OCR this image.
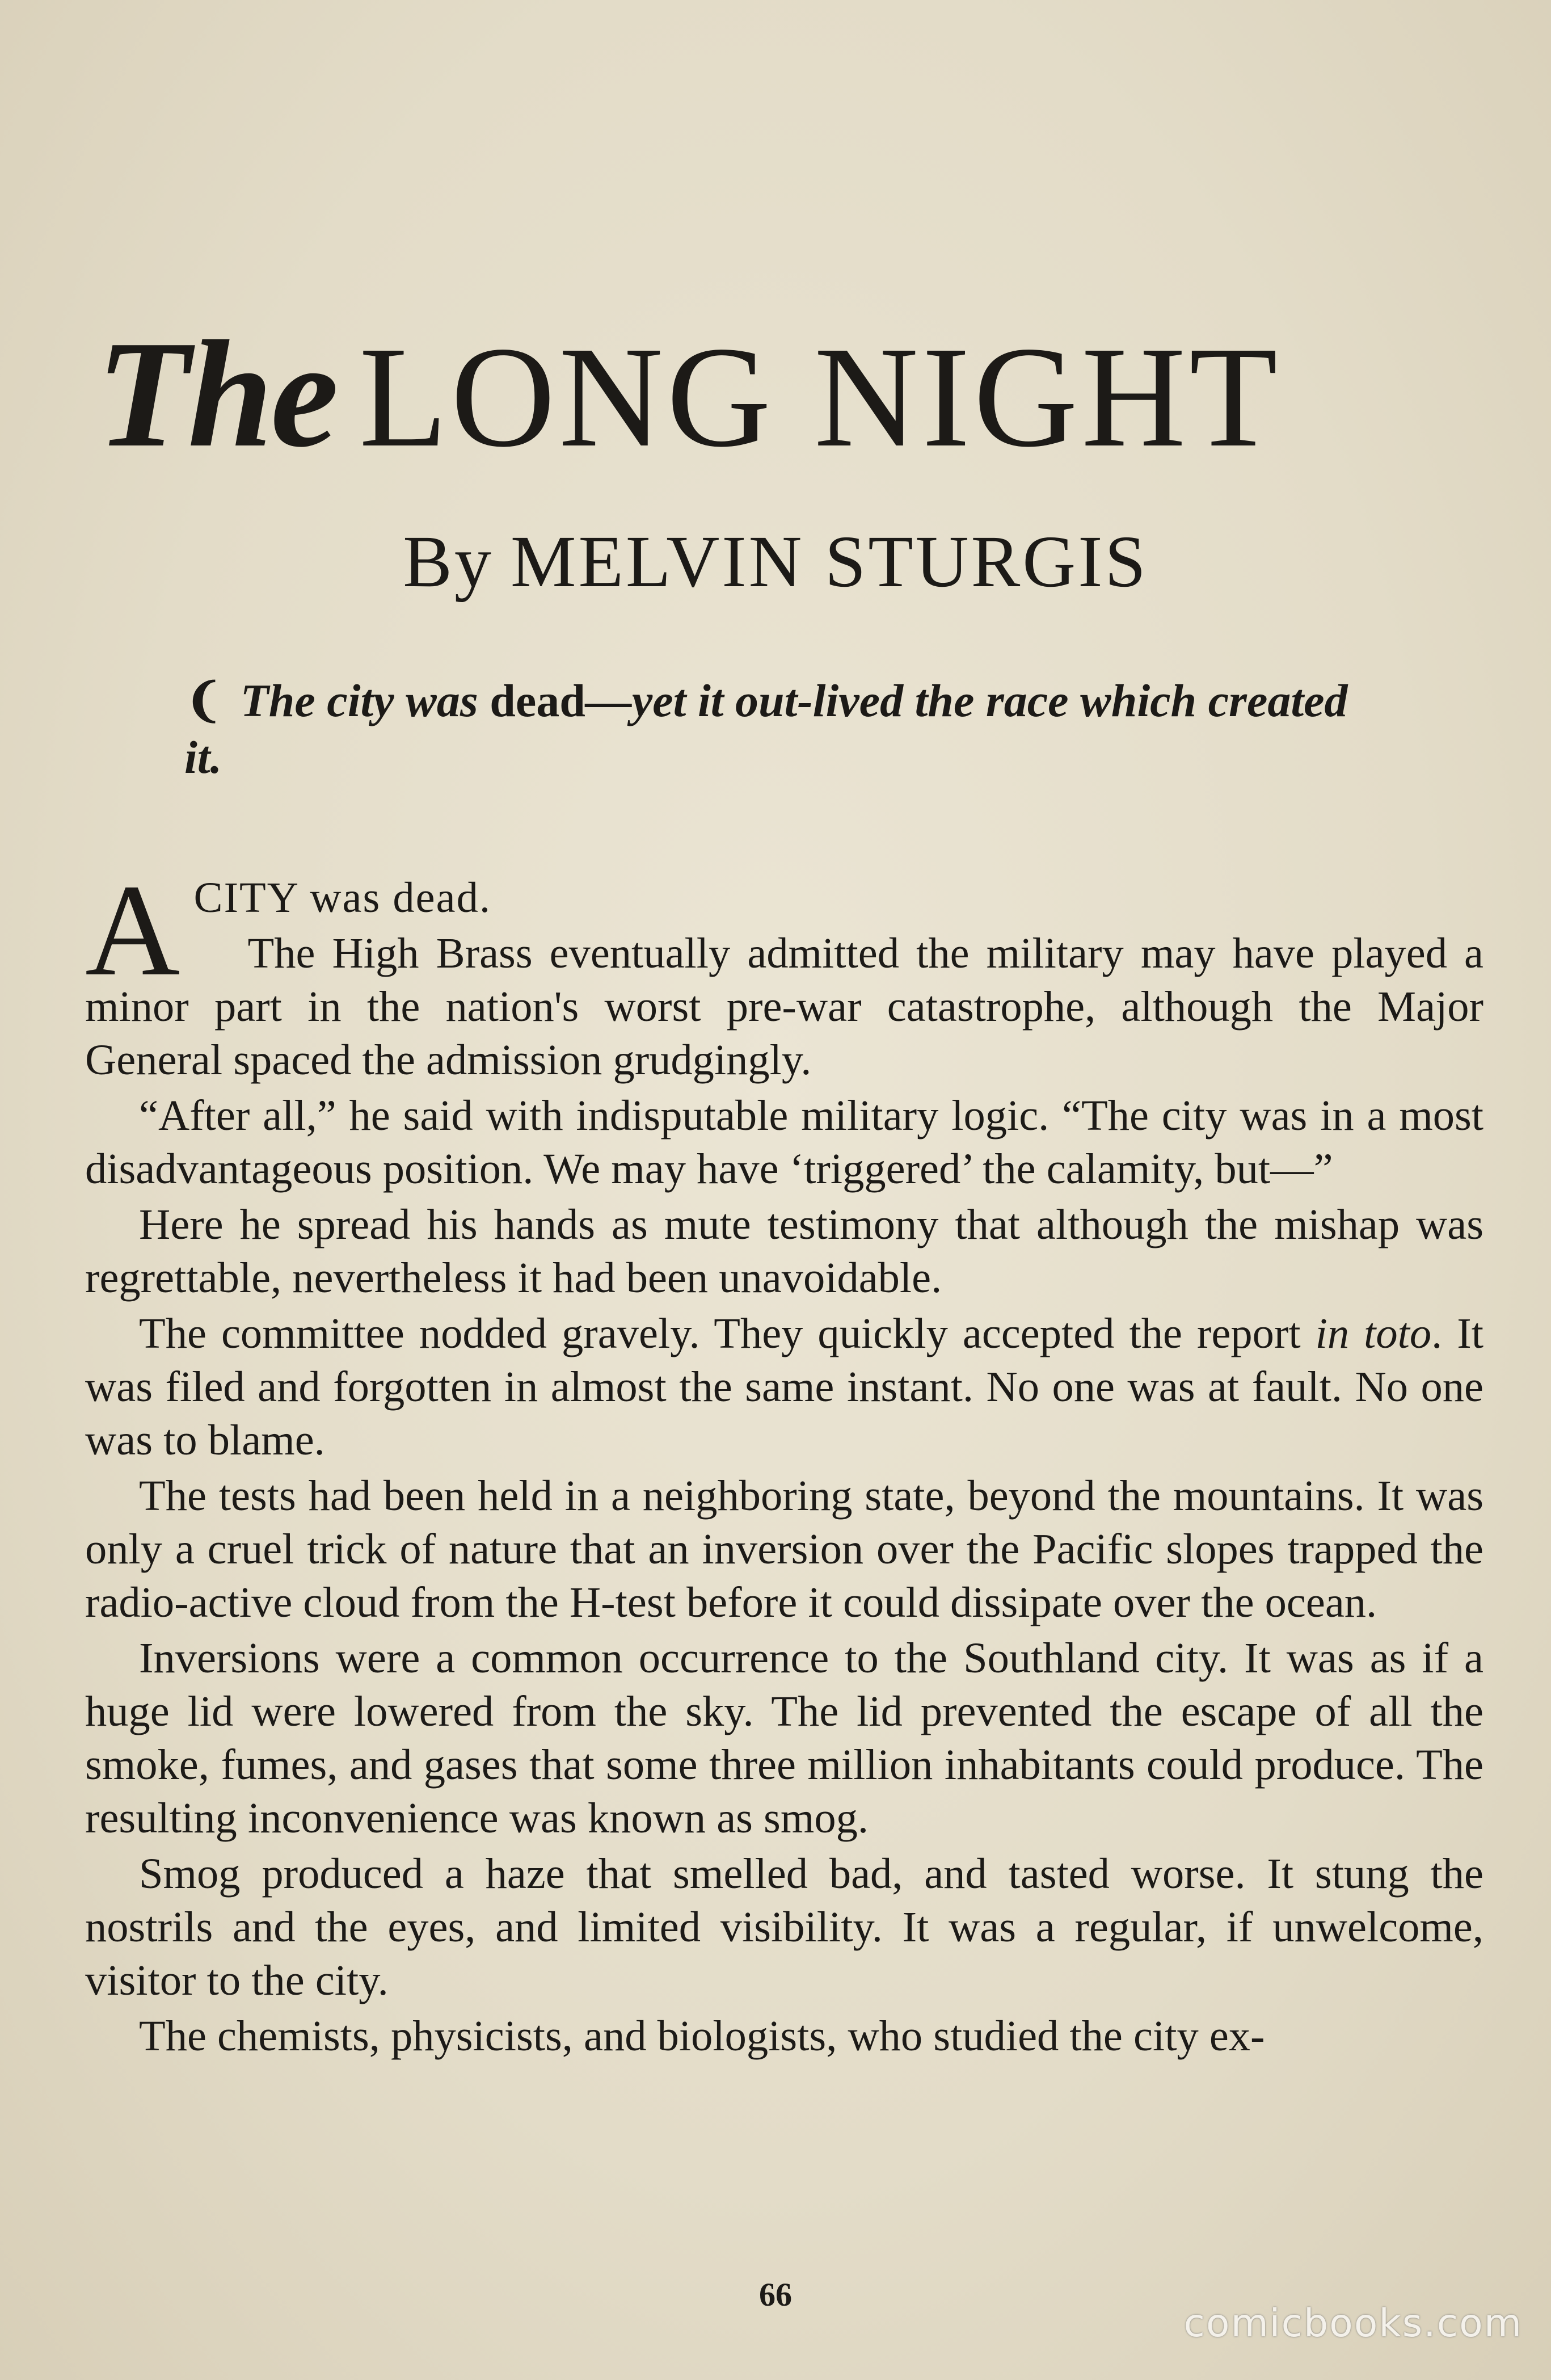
The LONG NIGHT
By MELVIN STURGIS
❨ The city was dead—yet it out-lived the race which created it.

ACITY was dead.

The High Brass eventually admitted the military may have played a minor part in the nation's worst pre-war catastrophe, although the Major General spaced the admission grudgingly.

“After all,” he said with indisputable military logic. “The city was in a most disadvantageous position. We may have ‘triggered’ the calamity, but—”

Here he spread his hands as mute testimony that although the mishap was regrettable, nevertheless it had been unavoidable.

The committee nodded gravely. They quickly accepted the report in toto. It was filed and forgotten in almost the same instant. No one was at fault. No one was to blame.

The tests had been held in a neighboring state, beyond the mountains. It was only a cruel trick of nature that an inversion over the Pacific slopes trapped the radio-active cloud from the H-test before it could dissipate over the ocean.

Inversions were a common occurrence to the Southland city. It was as if a huge lid were lowered from the sky. The lid prevented the escape of all the smoke, fumes, and gases that some three million inhabitants could produce. The resulting inconvenience was known as smog.

Smog produced a haze that smelled bad, and tasted worse. It stung the nostrils and the eyes, and limited visibility. It was a regular, if unwelcome, visitor to the city.

The chemists, physicists, and biologists, who studied the city ex-

66
comicbooks.com
